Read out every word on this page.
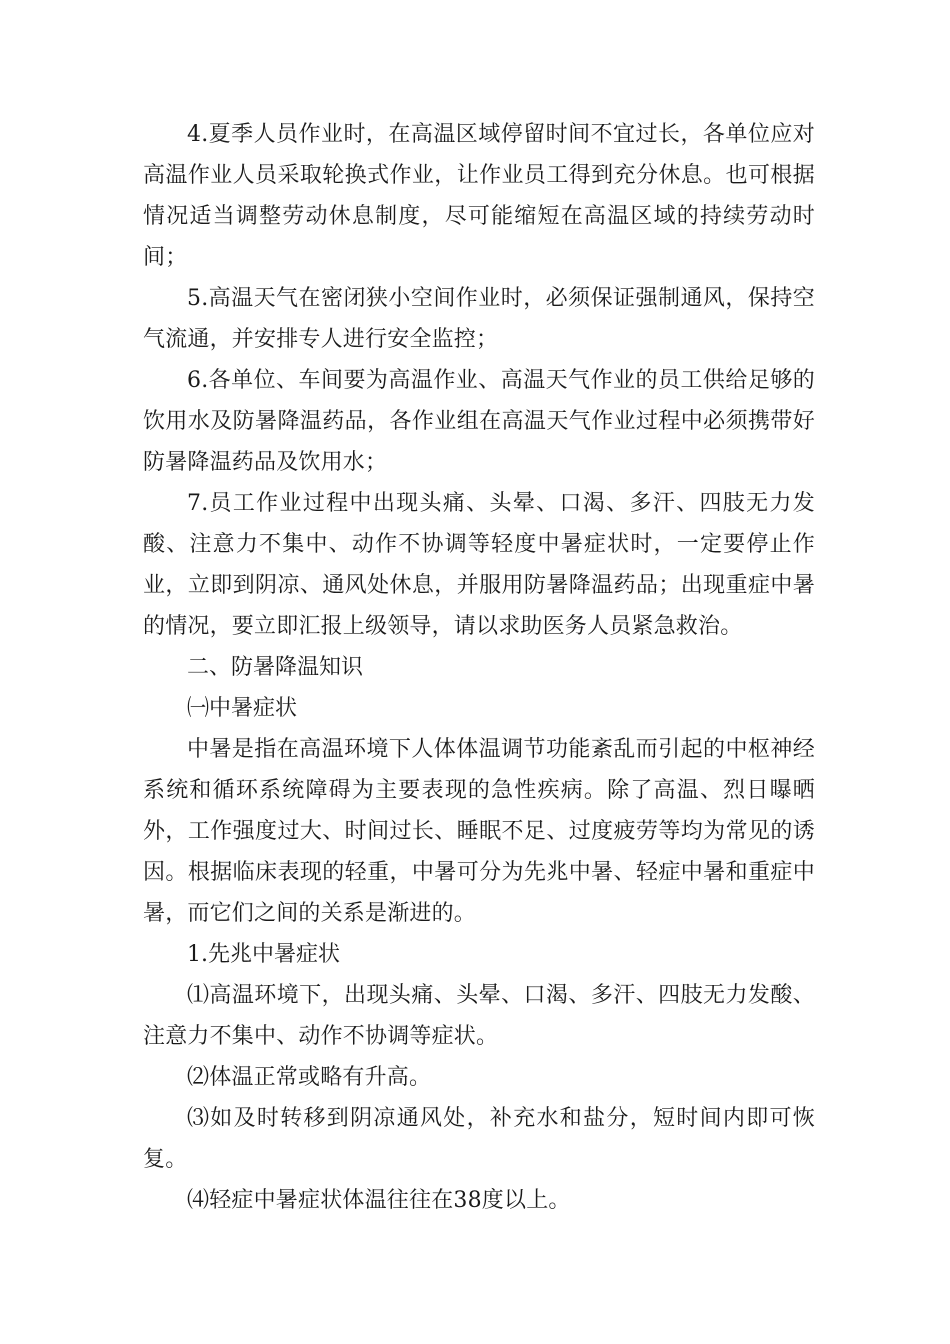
4.夏季人员作业时，在高温区域停留时间不宜过长，各单位应对高温作业人员采取轮换式作业，让作业员工得到充分休息。也可根据情况适当调整劳动休息制度，尽可能缩短在高温区域的持续劳动时间；

5.高温天气在密闭狭小空间作业时，必须保证强制通风，保持空气流通，并安排专人进行安全监控；

6.各单位、车间要为高温作业、高温天气作业的员工供给足够的饮用水及防暑降温药品，各作业组在高温天气作业过程中必须携带好防暑降温药品及饮用水；

7.员工作业过程中出现头痛、头晕、口渴、多汗、四肢无力发酸、注意力不集中、动作不协调等轻度中暑症状时，一定要停止作业，立即到阴凉、通风处休息，并服用防暑降温药品；出现重症中暑的情况，要立即汇报上级领导，请以求助医务人员紧急救治。

二、防暑降温知识

㈠中暑症状

中暑是指在高温环境下人体体温调节功能紊乱而引起的中枢神经系统和循环系统障碍为主要表现的急性疾病。除了高温、烈日曝晒外，工作强度过大、时间过长、睡眠不足、过度疲劳等均为常见的诱因。根据临床表现的轻重，中暑可分为先兆中暑、轻症中暑和重症中暑，而它们之间的关系是渐进的。

1.先兆中暑症状

⑴高温环境下，出现头痛、头晕、口渴、多汗、四肢无力发酸、注意力不集中、动作不协调等症状。

⑵体温正常或略有升高。

⑶如及时转移到阴凉通风处，补充水和盐分，短时间内即可恢复。

⑷轻症中暑症状体温往往在38度以上。
